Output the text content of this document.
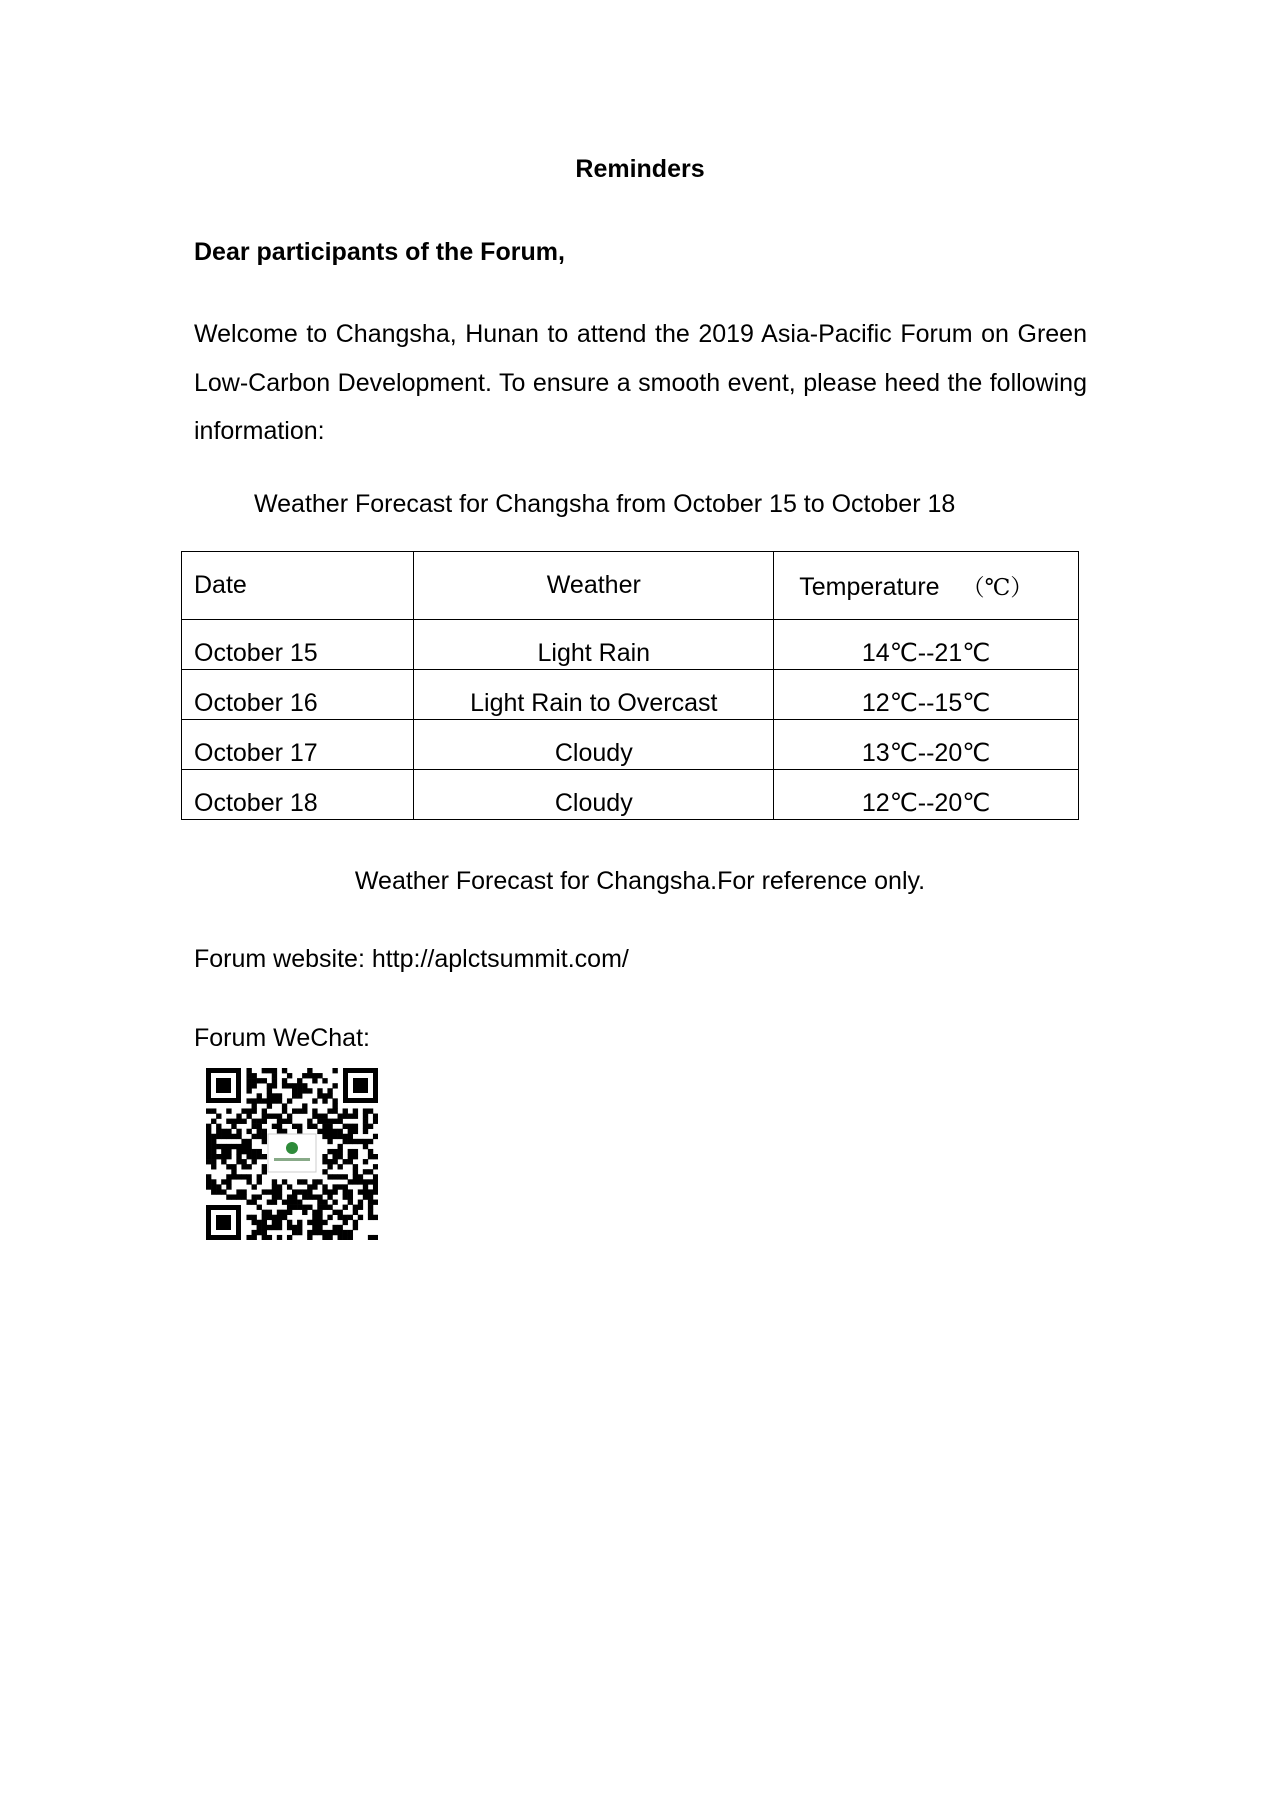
Reminders
Dear participants of the Forum,
Welcome to Changsha, Hunan to attend the 2019 Asia-Pacific Forum on Green Low-Carbon Development. To ensure a smooth event, please heed the following information:
Weather Forecast for Changsha from October 15 to October 18
Date	Weather	Temperature （℃）
October 15	Light Rain	14℃--21℃
October 16	Light Rain to Overcast	12℃--15℃
October 17	Cloudy	13℃--20℃
October 18	Cloudy	12℃--20℃
Weather Forecast for Changsha.For reference only.
Forum website: http://aplctsummit.com/
Forum WeChat:
